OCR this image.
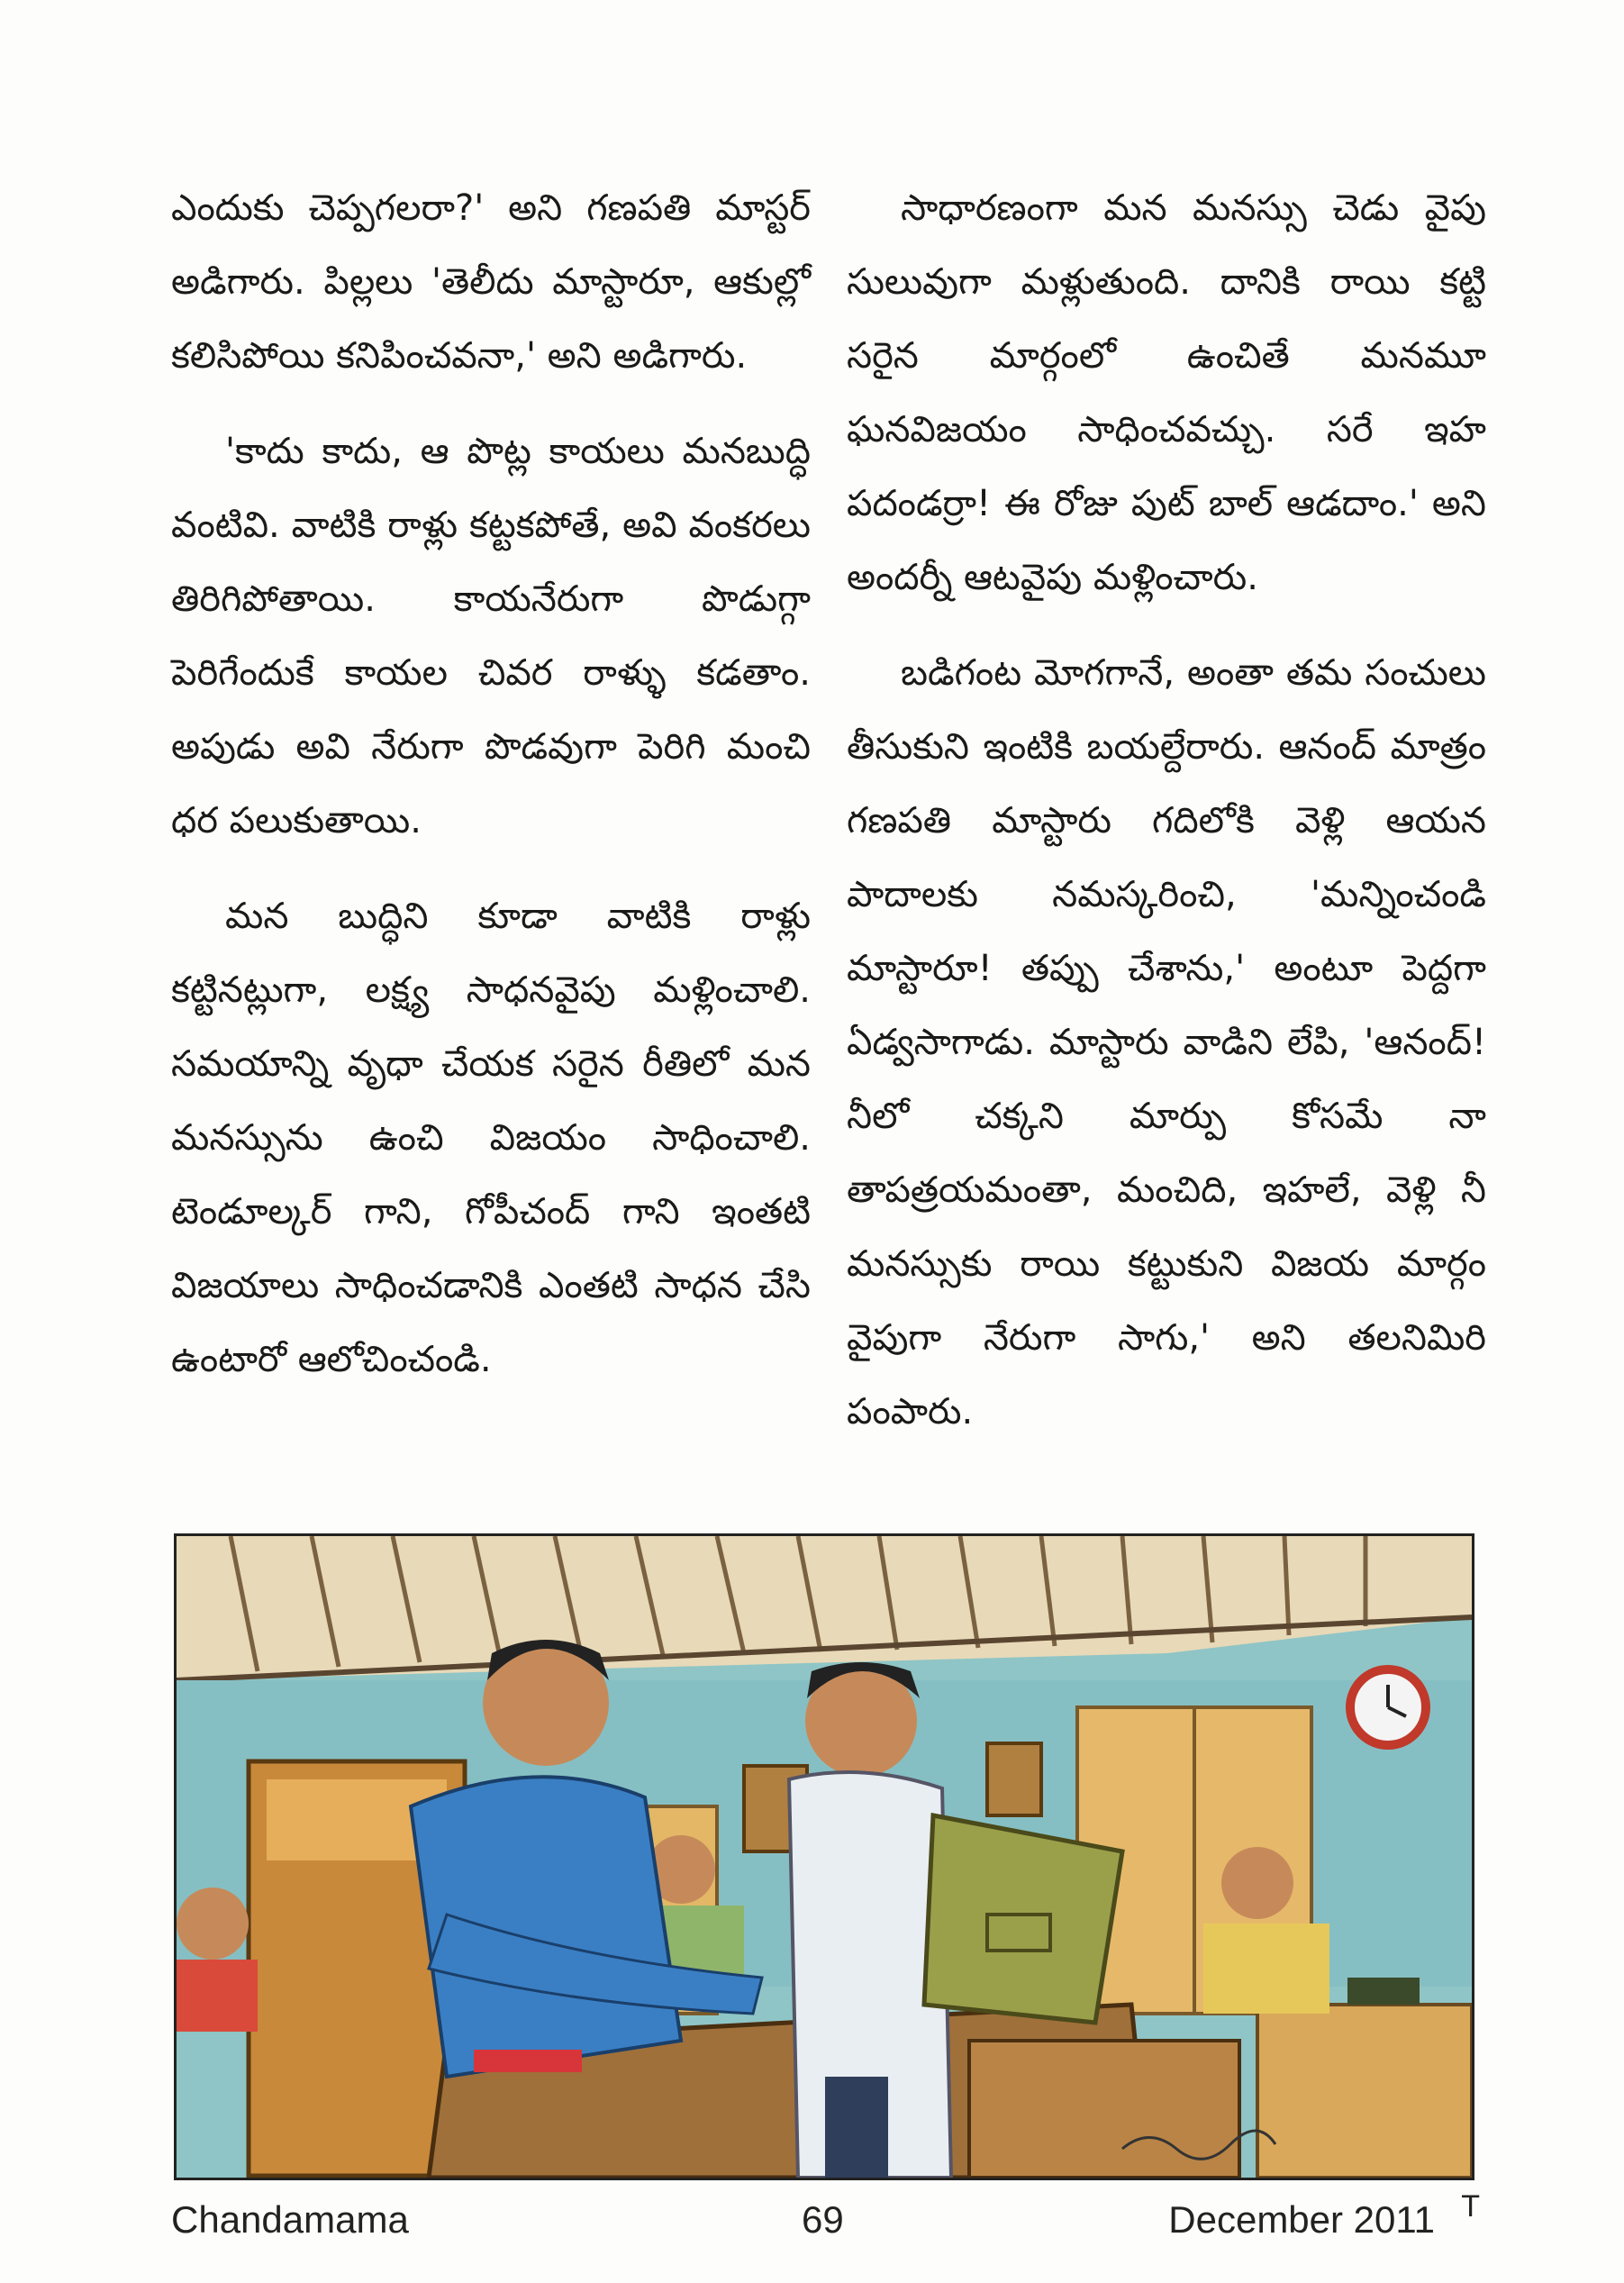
ఎందుకు చెప్పగలరా?' అని గణపతి మాస్టర్ అడిగారు. పిల్లలు 'తెలీదు మాస్టారూ, ఆకుల్లో కలిసిపోయి కనిపించవనా,' అని అడిగారు.

'కాదు కాదు, ఆ పొట్ల కాయలు మనబుద్ధి వంటివి. వాటికి రాళ్లు కట్టకపోతే, అవి వంకరలు తిరిగిపోతాయి. కాయనేరుగా పొడుగ్గా పెరిగేందుకే కాయల చివర రాళ్ళు కడతాం. అపుడు అవి నేరుగా పొడవుగా పెరిగి మంచి ధర పలుకుతాయి.

మన బుద్ధిని కూడా వాటికి రాళ్లు కట్టినట్లుగా, లక్ష్య సాధనవైపు మళ్లించాలి. సమయాన్ని వృధా చేయక సరైన రీతిలో మన మనస్సును ఉంచి విజయం సాధించాలి. టెండూల్కర్ గాని, గోపీచంద్ గాని ఇంతటి విజయాలు సాధించడానికి ఎంతటి సాధన చేసి ఉంటారో ఆలోచించండి.

సాధారణంగా మన మనస్సు చెడు వైపు సులువుగా మళ్లుతుంది. దానికి రాయి కట్టి సరైన మార్గంలో ఉంచితే మనమూ ఘనవిజయం సాధించవచ్చు. సరే ఇహ పదండర్రా! ఈ రోజు పుట్ బాల్ ఆడదాం.' అని అందర్నీ ఆటవైపు మళ్లించారు.

బడిగంట మోగగానే, అంతా తమ సంచులు తీసుకుని ఇంటికి బయల్దేరారు. ఆనంద్ మాత్రం గణపతి మాస్టారు గదిలోకి వెళ్లి ఆయన పాదాలకు నమస్కరించి, 'మన్నించండి మాస్టారూ! తప్పు చేశాను,' అంటూ పెద్దగా ఏడ్వసాగాడు. మాస్టారు వాడిని లేపి, 'ఆనంద్! నీలో చక్కని మార్పు కోసమే నా తాపత్రయమంతా, మంచిది, ఇహలే, వెళ్లి నీ మనస్సుకు రాయి కట్టుకుని విజయ మార్గం వైపుగా నేరుగా సాగు,' అని తలనిమిరి పంపారు.

Chandamama	69	December 2011 T
